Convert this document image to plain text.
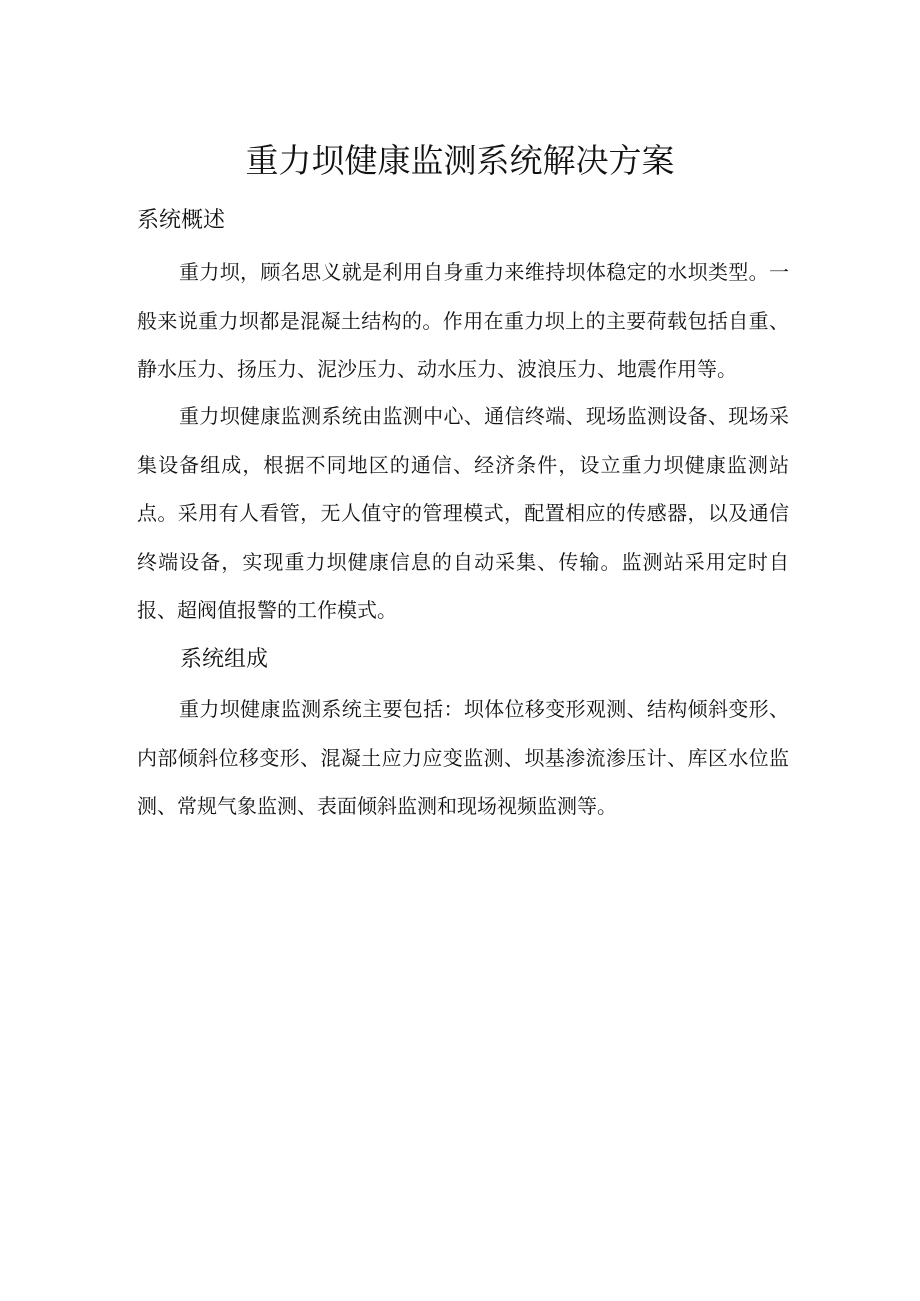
重力坝健康监测系统解决方案
系统概述

重力坝，顾名思义就是利用自身重力来维持坝体稳定的水坝类型。一般来说重力坝都是混凝土结构的。作用在重力坝上的主要荷载包括自重、静水压力、扬压力、泥沙压力、动水压力、波浪压力、地震作用等。

重力坝健康监测系统由监测中心、通信终端、现场监测设备、现场采集设备组成，根据不同地区的通信、经济条件，设立重力坝健康监测站点。采用有人看管，无人值守的管理模式，配置相应的传感器，以及通信终端设备，实现重力坝健康信息的自动采集、传输。监测站采用定时自报、超阀值报警的工作模式。

系统组成

重力坝健康监测系统主要包括：坝体位移变形观测、结构倾斜变形、内部倾斜位移变形、混凝土应力应变监测、坝基渗流渗压计、库区水位监测、常规气象监测、表面倾斜监测和现场视频监测等。
